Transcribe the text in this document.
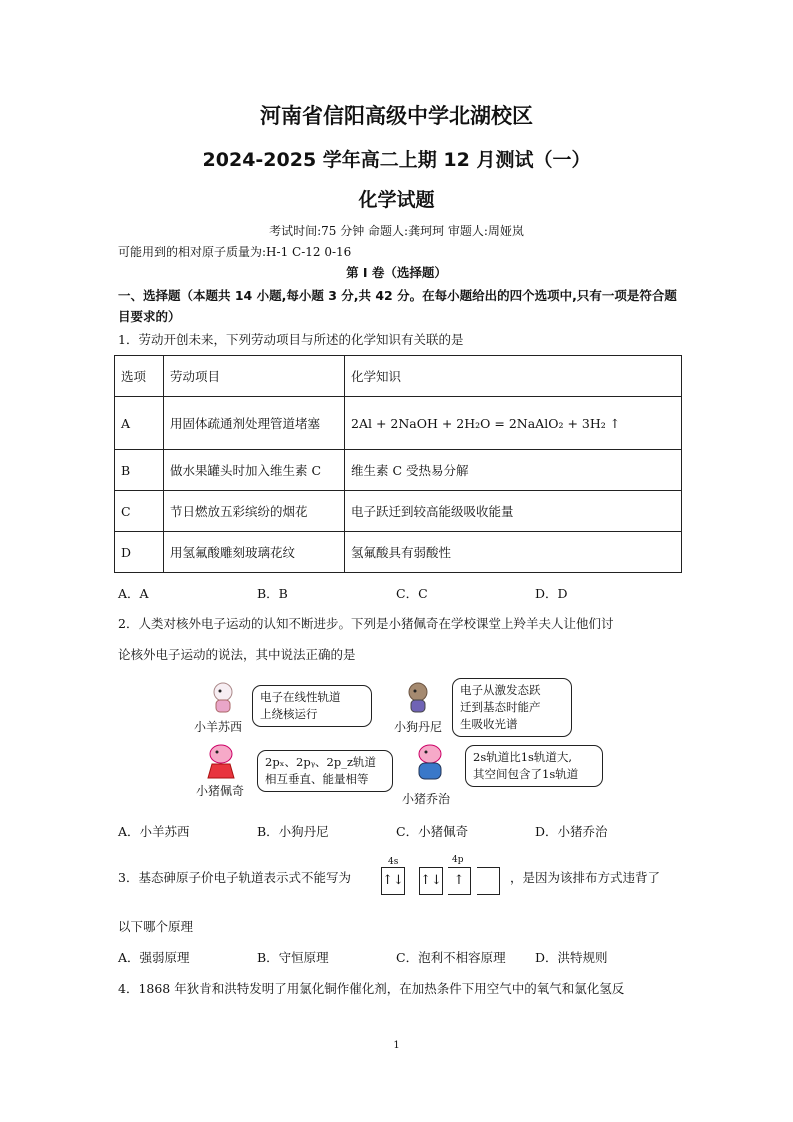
河南省信阳高级中学北湖校区
2024-2025 学年高二上期 12 月测试（一）
化学试题
考试时间:75 分钟 命题人:龚珂珂 审题人:周娅岚
可能用到的相对原子质量为:H-1 C-12 0-16
第 I 卷（选择题）
一、选择题（本题共 14 小题,每小题 3 分,共 42 分。在每小题给出的四个选项中,只有一项是符合题目要求的）
1．劳动开创未来，下列劳动项目与所述的化学知识有关联的是
选项	劳动项目	化学知识
A	用固体疏通剂处理管道堵塞	2Al + 2NaOH + 2H₂O = 2NaAlO₂ + 3H₂ ↑
B	做水果罐头时加入维生素 C	维生素 C 受热易分解
C	节日燃放五彩缤纷的烟花	电子跃迁到较高能级吸收能量
D	用氢氟酸雕刻玻璃花纹	氢氟酸具有弱酸性
A．A	B．B	C．C	D．D
2．人类对核外电子运动的认知不断进步。下列是小猪佩奇在学校课堂上羚羊夫人让他们讨
论核外电子运动的说法，其中说法正确的是
小羊苏西
电子在线性轨道
上绕核运行
小狗丹尼
电子从激发态跃
迁到基态时能产
生吸收光谱
小猪佩奇
2pₓ、2pᵧ、2p_z轨道
相互垂直、能量相等
小猪乔治
2s轨道比1s轨道大,
其空间包含了1s轨道
A．小羊苏西	B．小狗丹尼	C．小猪佩奇	D．小猪乔治
3．基态砷原子价电子轨道表示式不能写为
4s	4p
↑↓ ↑↓ ↑	，是因为该排布方式违背了
以下哪个原理
A．强弱原理	B．守恒原理	C．泡利不相容原理 D．洪特规则
4．1868 年狄肯和洪特发明了用氯化铜作催化剂，在加热条件下用空气中的氧气和氯化氢反
1
